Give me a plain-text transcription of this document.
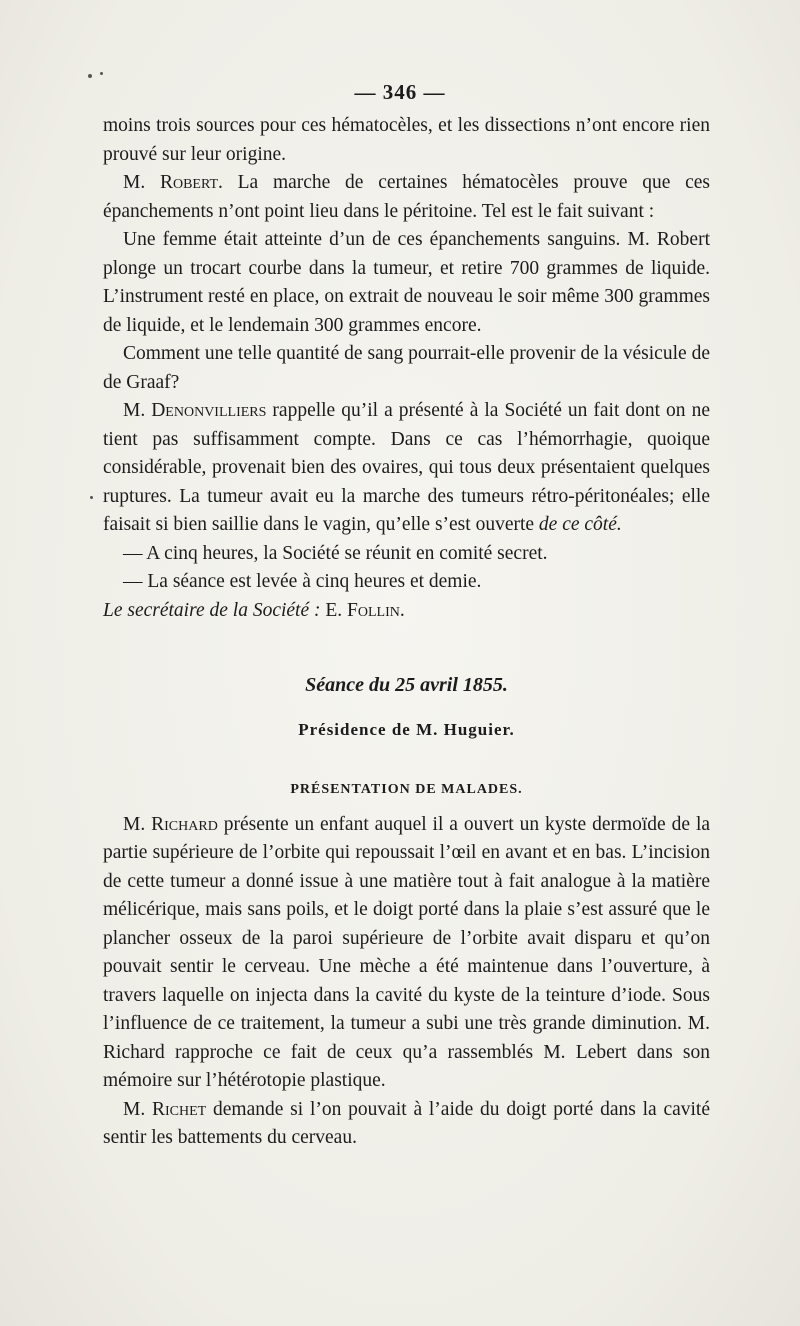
— 346 —

moins trois sources pour ces hématocèles, et les dissections n’ont encore rien prouvé sur leur origine.

M. Robert. La marche de certaines hématocèles prouve que ces épanchements n’ont point lieu dans le péritoine. Tel est le fait suivant :

Une femme était atteinte d’un de ces épanchements sanguins. M. Robert plonge un trocart courbe dans la tumeur, et retire 700 grammes de liquide. L’instrument resté en place, on extrait de nouveau le soir même 300 grammes de liquide, et le lendemain 300 grammes encore.

Comment une telle quantité de sang pourrait-elle provenir de la vésicule de de Graaf?

M. Denonvilliers rappelle qu’il a présenté à la Société un fait dont on ne tient pas suffisamment compte. Dans ce cas l’hémorrhagie, quoique considérable, provenait bien des ovaires, qui tous deux présentaient quelques ruptures. La tumeur avait eu la marche des tumeurs rétro-péritonéales; elle faisait si bien saillie dans le vagin, qu’elle s’est ouverte de ce côté.

— A cinq heures, la Société se réunit en comité secret.

— La séance est levée à cinq heures et demie.

Le secrétaire de la Société : E. Follin.

Séance du 25 avril 1855.
Présidence de M. Huguier.
PRÉSENTATION DE MALADES.

M. Richard présente un enfant auquel il a ouvert un kyste dermoïde de la partie supérieure de l’orbite qui repoussait l’œil en avant et en bas. L’incision de cette tumeur a donné issue à une matière tout à fait analogue à la matière mélicérique, mais sans poils, et le doigt porté dans la plaie s’est assuré que le plancher osseux de la paroi supérieure de l’orbite avait disparu et qu’on pouvait sentir le cerveau. Une mèche a été maintenue dans l’ouverture, à travers laquelle on injecta dans la cavité du kyste de la teinture d’iode. Sous l’influence de ce traitement, la tumeur a subi une très grande diminution. M. Richard rapproche ce fait de ceux qu’a rassemblés M. Lebert dans son mémoire sur l’hétérotopie plastique.

M. Richet demande si l’on pouvait à l’aide du doigt porté dans la cavité sentir les battements du cerveau.
